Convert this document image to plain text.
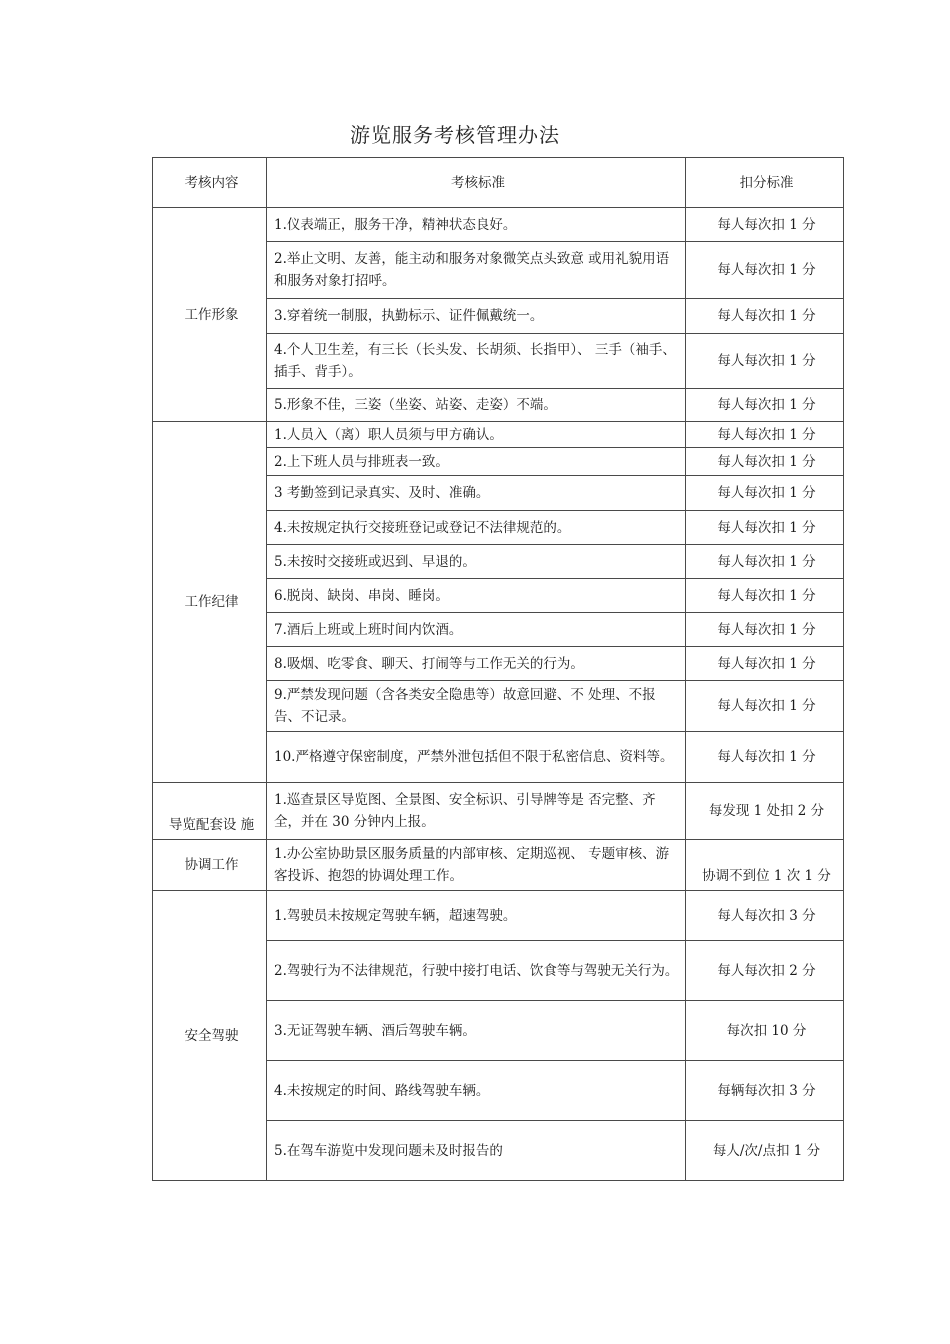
游览服务考核管理办法
考核内容	考核标准	扣分标准
工作形象	1.仪表端正，服务干净，精神状态良好。	每人每次扣 1 分
	2.举止文明、友善，能主动和服务对象微笑点头致意 或用礼貌用语和服务对象打招呼。	每人每次扣 1 分
	3.穿着统一制服，执勤标示、证件佩戴统一。	每人每次扣 1 分
	4.个人卫生差，有三长（长头发、长胡须、长指甲）、 三手（袖手、插手、背手）。	每人每次扣 1 分
	5.形象不佳，三姿（坐姿、站姿、走姿）不端。	每人每次扣 1 分
工作纪律	1.人员入（离）职人员须与甲方确认。	每人每次扣 1 分
	2.上下班人员与排班表一致。	每人每次扣 1 分
	3 考勤签到记录真实、及时、准确。	每人每次扣 1 分
	4.未按规定执行交接班登记或登记不法律规范的。	每人每次扣 1 分
	5.未按时交接班或迟到、早退的。	每人每次扣 1 分
	6.脱岗、缺岗、串岗、睡岗。	每人每次扣 1 分
	7.酒后上班或上班时间内饮酒。	每人每次扣 1 分
	8.吸烟、吃零食、聊天、打闹等与工作无关的行为。	每人每次扣 1 分
	9.严禁发现问题（含各类安全隐患等）故意回避、不 处理、不报告、不记录。	每人每次扣 1 分
	10.严格遵守保密制度，严禁外泄包括但不限于私密信息、资料等。	每人每次扣 1 分
导览配套设 施	1.巡查景区导览图、全景图、安全标识、引导牌等是 否完整、齐全，并在 30 分钟内上报。	每发现 1 处扣 2 分
协调工作	1.办公室协助景区服务质量的内部审核、定期巡视、 专题审核、游客投诉、抱怨的协调处理工作。	协调不到位 1 次 1 分
安全驾驶	1.驾驶员未按规定驾驶车辆，超速驾驶。	每人每次扣 3 分
	2.驾驶行为不法律规范，行驶中接打电话、饮食等与驾驶无关行为。	每人每次扣 2 分
	3.无证驾驶车辆、酒后驾驶车辆。	每次扣 10 分
	4.未按规定的时间、路线驾驶车辆。	每辆每次扣 3 分
	5.在驾车游览中发现问题未及时报告的	每人/次/点扣 1 分
